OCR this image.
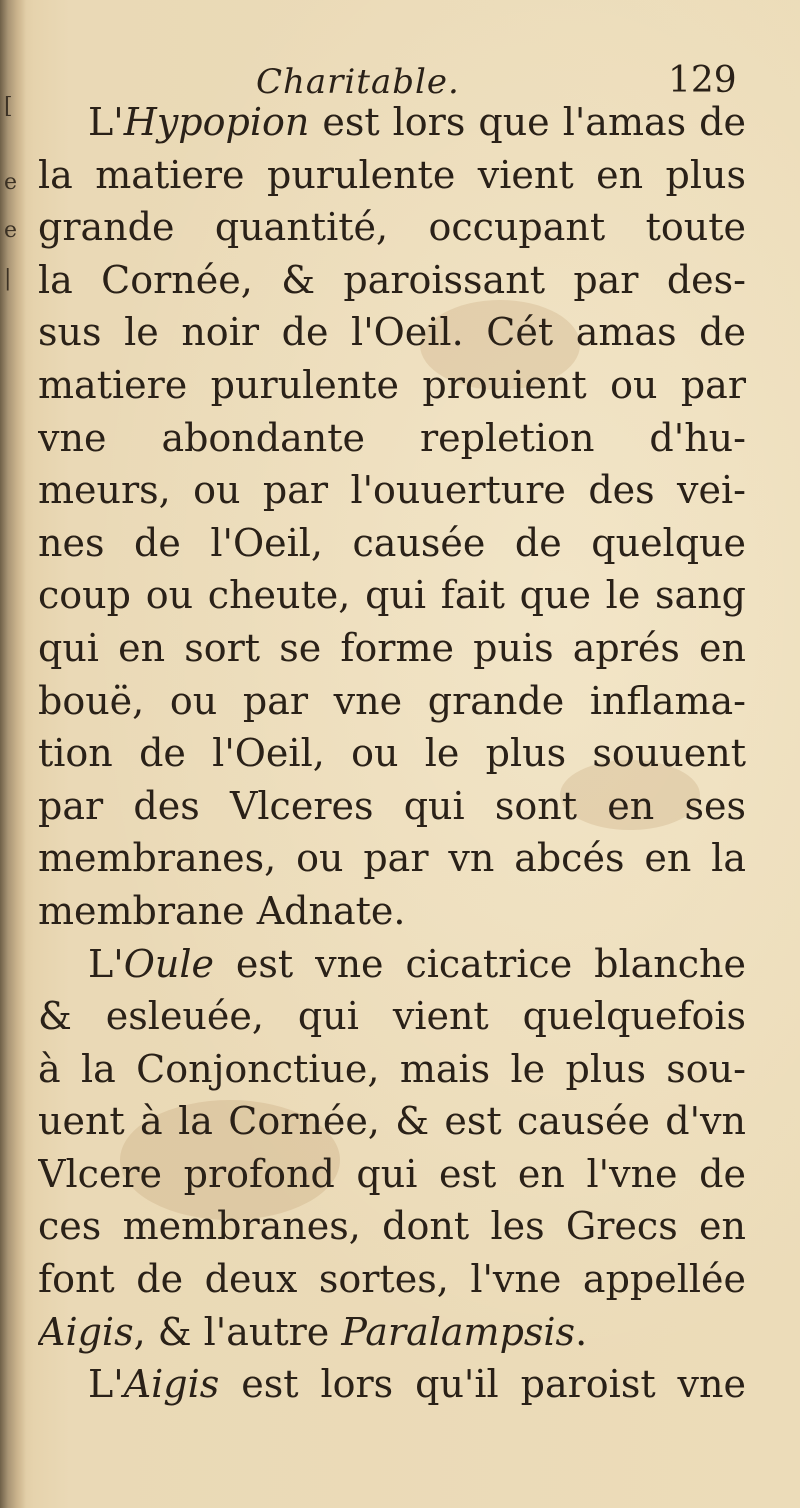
[
e
e
|
Charitable.	129
L'Hypopion est lors que l'amas de
la matiere purulente vient en plus
grande quantité, occupant toute
la Cornée, & paroissant par des-
sus le noir de l'Oeil. Cét amas de
matiere purulente prouient ou par
vne abondante repletion d'hu-
meurs, ou par l'ouuerture des vei-
nes de l'Oeil, causée de quelque
coup ou cheute, qui fait que le sang
qui en sort se forme puis aprés en
bouë, ou par vne grande inflama-
tion de l'Oeil, ou le plus souuent
par des Vlceres qui sont en ses
membranes, ou par vn abcés en la
membrane Adnate.
L'Oule est vne cicatrice blanche
& esleuée, qui vient quelquefois
à la Conjonctiue, mais le plus sou-
uent à la Cornée, & est causée d'vn
Vlcere profond qui est en l'vne de
ces membranes, dont les Grecs en
font de deux sortes, l'vne appellée
Aigis, & l'autre Paralampsis.
L'Aigis est lors qu'il paroist vne
